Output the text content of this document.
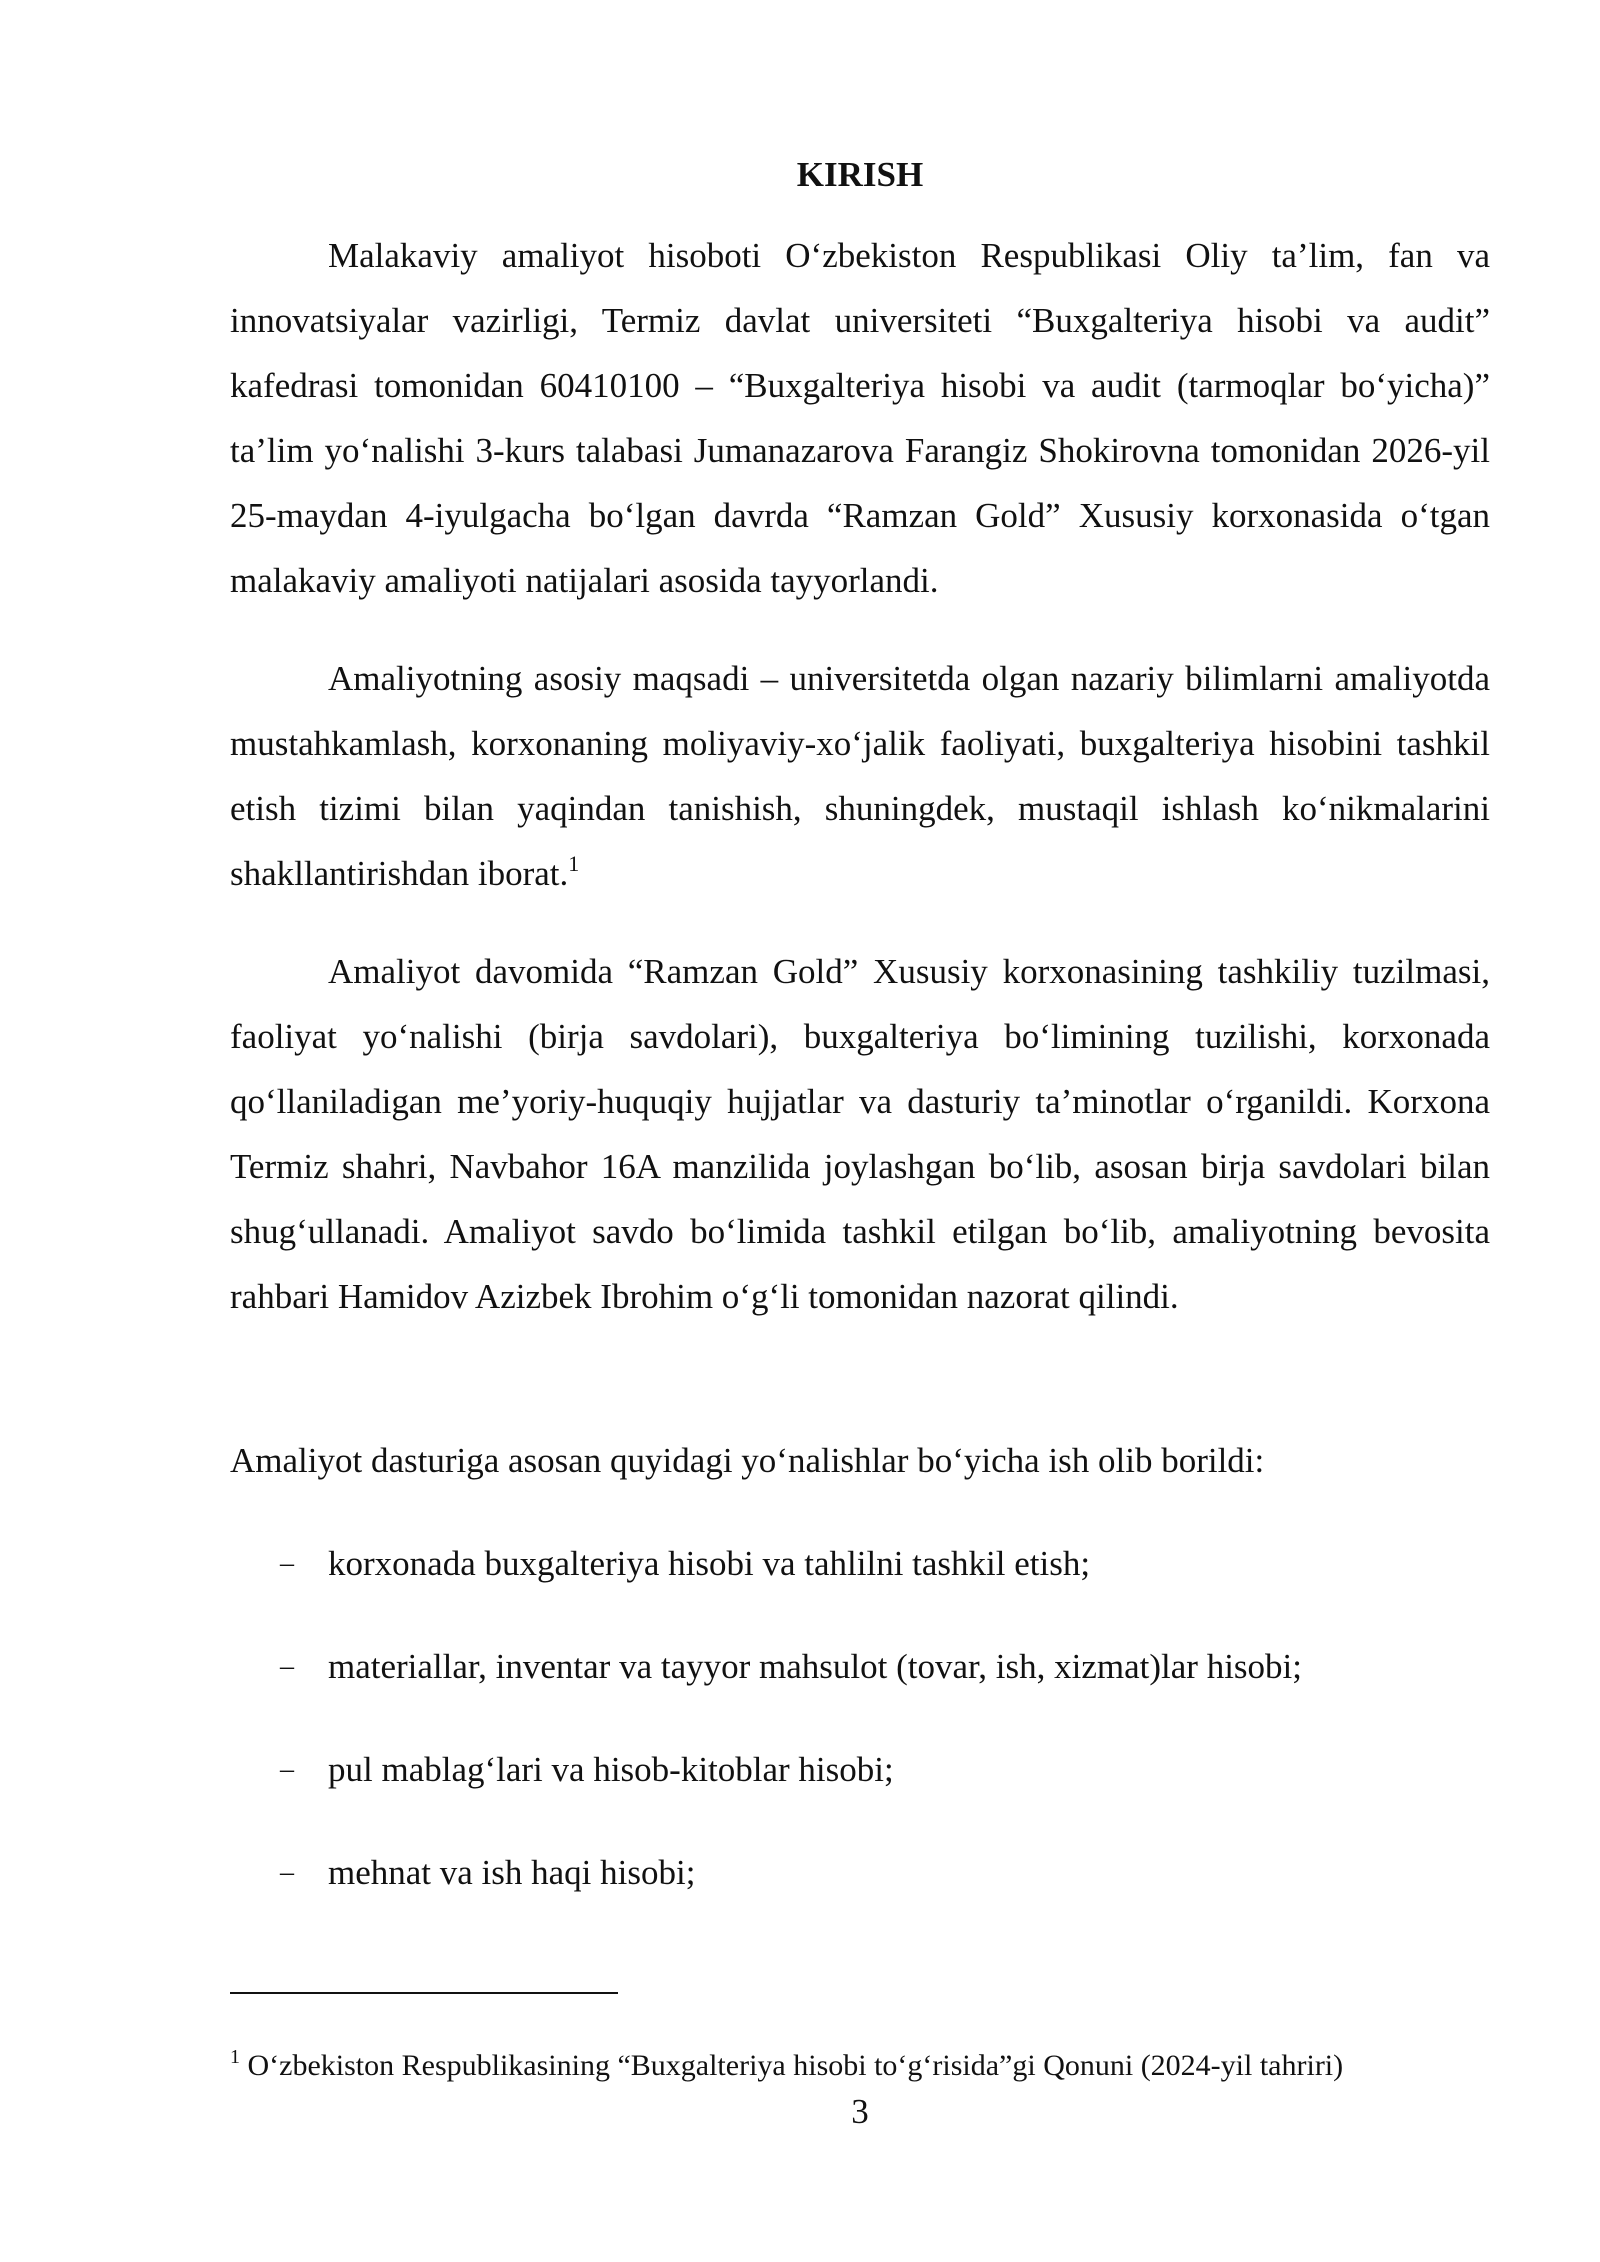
KIRISH
Malakaviy amaliyot hisoboti O‘zbekiston Respublikasi Oliy ta’lim, fan va innovatsiyalar vazirligi, Termiz davlat universiteti “Buxgalteriya hisobi va audit” kafedrasi tomonidan 60410100 – “Buxgalteriya hisobi va audit (tarmoqlar bo‘yicha)” ta’lim yo‘nalishi 3-kurs talabasi Jumanazarova Farangiz Shokirovna tomonidan 2026-yil 25-maydan 4-iyulgacha bo‘lgan davrda “Ramzan Gold” Xususiy korxonasida o‘tgan malakaviy amaliyoti natijalari asosida tayyorlandi.
Amaliyotning asosiy maqsadi – universitetda olgan nazariy bilimlarni amaliyotda mustahkamlash, korxonaning moliyaviy-xo‘jalik faoliyati, buxgalteriya hisobini tashkil etish tizimi bilan yaqindan tanishish, shuningdek, mustaqil ishlash ko‘nikmalarini shakllantirishdan iborat.$^1$
Amaliyot davomida “Ramzan Gold” Xususiy korxonasining tashkiliy tuzilmasi, faoliyat yo‘nalishi (birja savdolari), buxgalteriya bo‘limining tuzilishi, korxonada qo‘llaniladigan me’yoriy-huquqiy hujjatlar va dasturiy ta’minotlar o‘rganildi. Korxona Termiz shahri, Navbahor 16A manzilida joylashgan bo‘lib, asosan birja savdolari bilan shug‘ullanadi. Amaliyot savdo bo‘limida tashkil etilgan bo‘lib, amaliyotning bevosita rahbari Hamidov Azizbek Ibrohim o‘g‘li tomonidan nazorat qilindi.
Amaliyot dasturiga asosan quyidagi yo‘nalishlar bo‘yicha ish olib borildi:
– korxonada buxgalteriya hisobi va tahlilni tashkil etish;
– materiallar, inventar va tayyor mahsulot (tovar, ish, xizmat)lar hisobi;
– pul mablag‘lari va hisob-kitoblar hisobi;
– mehnat va ish haqi hisobi;
$^1$ O‘zbekiston Respublikasining “Buxgalteriya hisobi to‘g‘risida”gi Qonuni (2024-yil tahriri)
3
